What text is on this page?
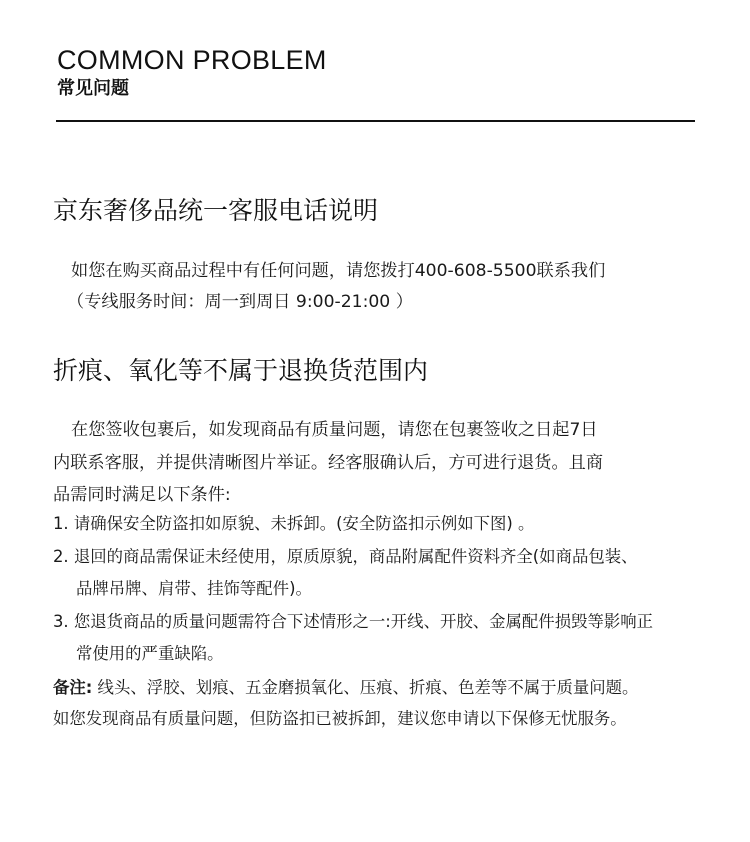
COMMON PROBLEM
常见问题
京东奢侈品统一客服电话说明
如您在购买商品过程中有任何问题，请您拨打400-608-5500联系我们
（专线服务时间：周一到周日 9:00-21:00 ）
折痕、氧化等不属于退换货范围内
在您签收包裹后，如发现商品有质量问题，请您在包裹签收之日起7日
内联系客服，并提供清晰图片举证。经客服确认后，方可进行退货。且商
品需同时满足以下条件:
1. 请确保安全防盗扣如原貌、未拆卸。(安全防盗扣示例如下图) 。
2. 退回的商品需保证未经使用，原质原貌，商品附属配件资料齐全(如商品包装、
品牌吊牌、肩带、挂饰等配件)。
3. 您退货商品的质量问题需符合下述情形之一:开线、开胶、金属配件损毁等影响正
常使用的严重缺陷。
备注: 线头、浮胶、划痕、五金磨损氧化、压痕、折痕、色差等不属于质量问题。
如您发现商品有质量问题，但防盗扣已被拆卸，建议您申请以下保修无忧服务。
